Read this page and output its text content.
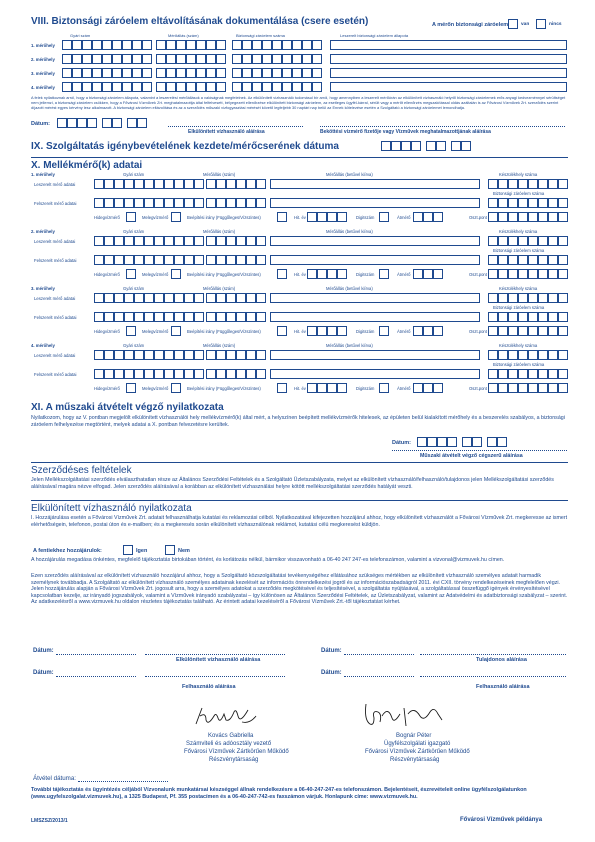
VIII. Biztonsági záróelem eltávolításának dokumentálása (csere esetén)	A mérőn biztonsági záróelem	van	nincs
Gyári szám	Mérőállás (szám)	Biztonsági záróelem száma	Leszerelt biztonsági záróelem állapota
1. mérőhely
2. mérőhely
3. mérőhely
4. mérőhely
A felek nyilatkoznak arról, hogy a biztonsági záróelem állapota, valamint a leszerelési mérőállások a valóságnak megfelelnek. Az elkülönített vízhasználó tudomásul bír arról, hogy amennyiben a leszerelt mérőórán az elkülönített vízhasználó helyről biztonsági záróelemek erős anyagi kedvezménnyel sérültséget nem jellemzi, a biztonsági záróelem csökken, hogy a Fővárosi Vízművek Zrt. meghatalmazottja által felfelvesett, bélyegezett ellenőrzése elkülönített biztonsági záróelem, az esetleges ügyfél-kárral, sérült vagy a mérőt ellenőrzés megszakítással oldás azáltalán is az Fővárosi Vízművek Zrt. szerződés szerint díjazott mérést egyes kérvény lesz alkalmazott. A biztonsági záróelem eltávolítása és az a szerződés műszaki vízfogyasztási mérését követő legfeljebb 30 naptári nap belül az Ennek kötelezése esetén a Szolgáltató a biztonsági záróelemet lemondhatja.
Dátum:
Elkülönített vízhasználó aláírása	Beköttési vízmérő fizetője vagy Vízművek meghatalmazottjának aláírása
IX. Szolgáltatás igénybevételének kezdete/mérőcserének dátuma
X. Mellékmérő(k) adatai
1. mérőhely	Gyári szám	Mérőállás (szám)	Mérőállás (betűvel kiírva)	Készülékhely száma
Leszerelt mérő adatai
Biztonsági záróelem száma
Felszerelt mérő adatai
Hidegvízmérő	Melegvízmérő	Beépítési irány (Függőleges/Vízszintes)	Hit. év	Digitszám	Átmérő	Oszt.pont
2. mérőhely	Gyári szám	Mérőállás (szám)	Mérőállás (betűvel kiírva)	Készülékhely száma
Leszerelt mérő adatai
Biztonsági záróelem száma
Felszerelt mérő adatai
Hidegvízmérő	Melegvízmérő	Beépítési irány (Függőleges/Vízszintes)	Hit. év	Digitszám	Átmérő	Oszt.pont
3. mérőhely	Gyári szám	Mérőállás (szám)	Mérőállás (betűvel kiírva)	Készülékhely száma
Leszerelt mérő adatai
Biztonsági záróelem száma
Felszerelt mérő adatai
Hidegvízmérő	Melegvízmérő	Beépítési irány (Függőleges/Vízszintes)	Hit. év	Digitszám	Átmérő	Oszt.pont
4. mérőhely	Gyári szám	Mérőállás (szám)	Mérőállás (betűvel kiírva)	Készülékhely száma
Leszerelt mérő adatai
Biztonsági záróelem száma
Felszerelt mérő adatai
Hidegvízmérő	Melegvízmérő	Beépítési irány (Függőleges/Vízszintes)	Hit. év	Digitszám	Átmérő	Oszt.pont
XI. A műszaki átvételt végző nyilatkozata
Nyilatkozom, hogy az V. pontban megjelölt elkülönített vízhasználói hely mellékvízmérő(k) által mért, a helyszínen beépített mellékvízmérők hitelesek, az épületen belül kialakított mérőhely és a beszerelés szabályos, a biztonsági záróelem felhelyezése megtörtént, melyek adatai a X. pontban felvezetésre kerültek.
Dátum:
Műszaki átvételt végző cégszerű aláírása
Szerződéses feltételek
Jelen Mellékszolgáltatási szerződés elválaszthatatlan része az Általános Szerződési Feltételek és a Szolgáltató Üzletszabályzata, melyet az elkülönített vízhasználó/felhasználó/tulajdonos jelen Mellékszolgáltatási szerződés aláírásával magára nézve elfogad. Jelen szerződés aláírásával a korábban az elkülönített vízhasználási helyre kötött mellékszolgáltatási szerződés hatályát veszti.
Elkülönített vízhasználó nyilatkozata
I. Hozzájárulása esetén a Fővárosi Vízművek Zrt. adatait felhasználhatja kutatási és reklamozási célból. Nyilatkozatával kifejezetten hozzájárul ahhoz, hogy elkülönített vízhasználót a Fővárosi Vízművek Zrt. megkeresse az ismert elérhetőségein, telefonon, postai úton és e-mailben; és a megkeresés során elkülönített vízhasználónak reklámot, kutatási célú megkeresést küldjön.
A fentiekhez hozzájárulok:	Igen	Nem
A hozzájárulás megadása önkéntes, megfelelő tájékoztatás birtokában történt, és korlátozás nélkül, bármikor visszavonható a 06-40 247 247-es telefonszámon, valamint a vizvonal@vizmuvek.hu címen.
Ezen szerződés aláírásával az elkülönített vízhasználó hozzájárul ahhoz, hogy a Szolgáltató közszolgáltatási tevékenységéhez ellátásához szükséges mértékben az elkülönített vízhasználó személyes adatait harmadik személynek továbbadja. A Szolgáltató az elkülönített vízhasználó személyes adatainak kezelését az információs önrendelkezési jogról és az információszabadságról 2011. évi CXII. törvény rendelkezéseinek megfelelően végzi. Jelen hozzájárulás alapján a Fővárosi Vízművek Zrt. jogosult arra, hogy a személyes adatokat a szerződés megkötésével és teljesítésével, a szolgáltatás nyújtásával, a szolgáltatással összefüggő igények érvényesítésével kapcsolatban kezelje, az irányadó jogszabályok, valamint a Vízművek irányadó szabályzatai – így különösen az Általános Szerződési Feltételek, az Üzletszabályzat, valamint az Adatvédelmi és adatbiztonsági szabályzat – szerint. Az adatkezelésről a www.vizmuvek.hu oldalon részletes tájékoztatás található. Az érintett adatai kezeléséről a Fővárosi Vízművek Zrt.-től tájékoztatást kérhet.
Dátum:
Elkülönített vízhasználó aláírása
Dátum:
Tulajdonos aláírása
Dátum:
Felhasználó aláírása
Dátum:
Felhasználó aláírása
Kovács Gabriella
Számviteli és adóosztály vezető
Fővárosi Vízművek Zártkörűen Működő
Részvénytársaság
Bognár Péter
Ügyfélszolgálati igazgató
Fővárosi Vízművek Zártkörűen Működő
Részvénytársaság
Átvétel dátuma:
További tájékoztatás és ügyintézés céljából Vízvonalunk munkatársai készséggel állnak rendelkezésre a 06-40-247-247-es telefonszámon. Bejelentéseit, észrevételeit online ügyfélszolgálatunkon (www.ugyfelszolgalat.vizmuvek.hu), a 1325 Budapest, Pf. 355 postacímen és a 06-40-247-742-es faxszámon várjuk. Honlapunk címe: www.vizmuvek.hu.
LMSZSZ/2013/1	Fővárosi Vízművek példánya
